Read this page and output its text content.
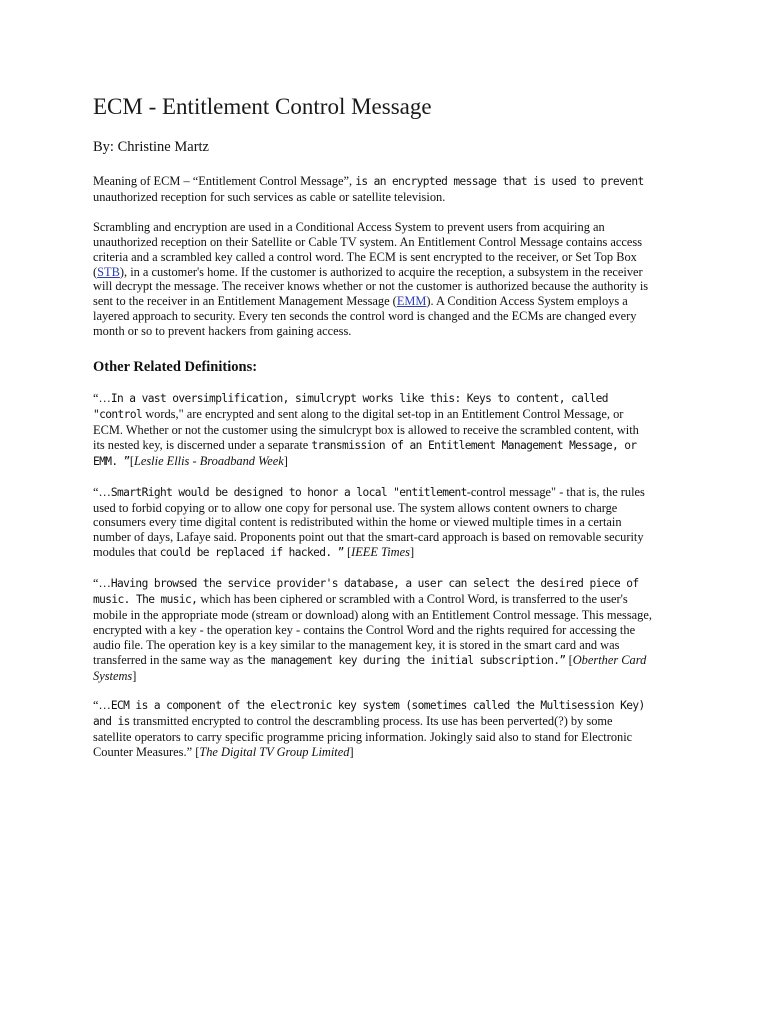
ECM - Entitlement Control Message
By: Christine Martz

Meaning of ECM – “Entitlement Control Message”, is an encrypted message that is used to prevent unauthorized reception for such services as cable or satellite television.

Scrambling and encryption are used in a Conditional Access System to prevent users from acquiring an unauthorized reception on their Satellite or Cable TV system. An Entitlement Control Message contains access criteria and a scrambled key called a control word. The ECM is sent encrypted to the receiver, or Set Top Box (STB), in a customer's home. If the customer is authorized to acquire the reception, a subsystem in the receiver will decrypt the message. The receiver knows whether or not the customer is authorized because the authority is sent to the receiver in an Entitlement Management Message (EMM). A Condition Access System employs a layered approach to security. Every ten seconds the control word is changed and the ECMs are changed every month or so to prevent hackers from gaining access.

Other Related Definitions:

“…In a vast oversimplification, simulcrypt works like this: Keys to content, called "control words," are encrypted and sent along to the digital set-top in an Entitlement Control Message, or ECM. Whether or not the customer using the simulcrypt box is allowed to receive the scrambled content, with its nested key, is discerned under a separate transmission of an Entitlement Management Message, or EMM. ”[Leslie Ellis - Broadband Week]

“…SmartRight would be designed to honor a local "entitlement-control message" - that is, the rules used to forbid copying or to allow one copy for personal use. The system allows content owners to charge consumers every time digital content is redistributed within the home or viewed multiple times in a certain number of days, Lafaye said. Proponents point out that the smart-card approach is based on removable security modules that could be replaced if hacked. ” [IEEE Times]

“…Having browsed the service provider's database, a user can select the desired piece of music. The music, which has been ciphered or scrambled with a Control Word, is transferred to the user's mobile in the appropriate mode (stream or download) along with an Entitlement Control message. This message, encrypted with a key - the operation key - contains the Control Word and the rights required for accessing the audio file. The operation key is a key similar to the management key, it is stored in the smart card and was transferred in the same way as the management key during the initial subscription.” [Oberther Card Systems]

“…ECM is a component of the electronic key system (sometimes called the Multisession Key) and is transmitted encrypted to control the descrambling process. Its use has been perverted(?) by some satellite operators to carry specific programme pricing information. Jokingly said also to stand for Electronic Counter Measures.” [The Digital TV Group Limited]
